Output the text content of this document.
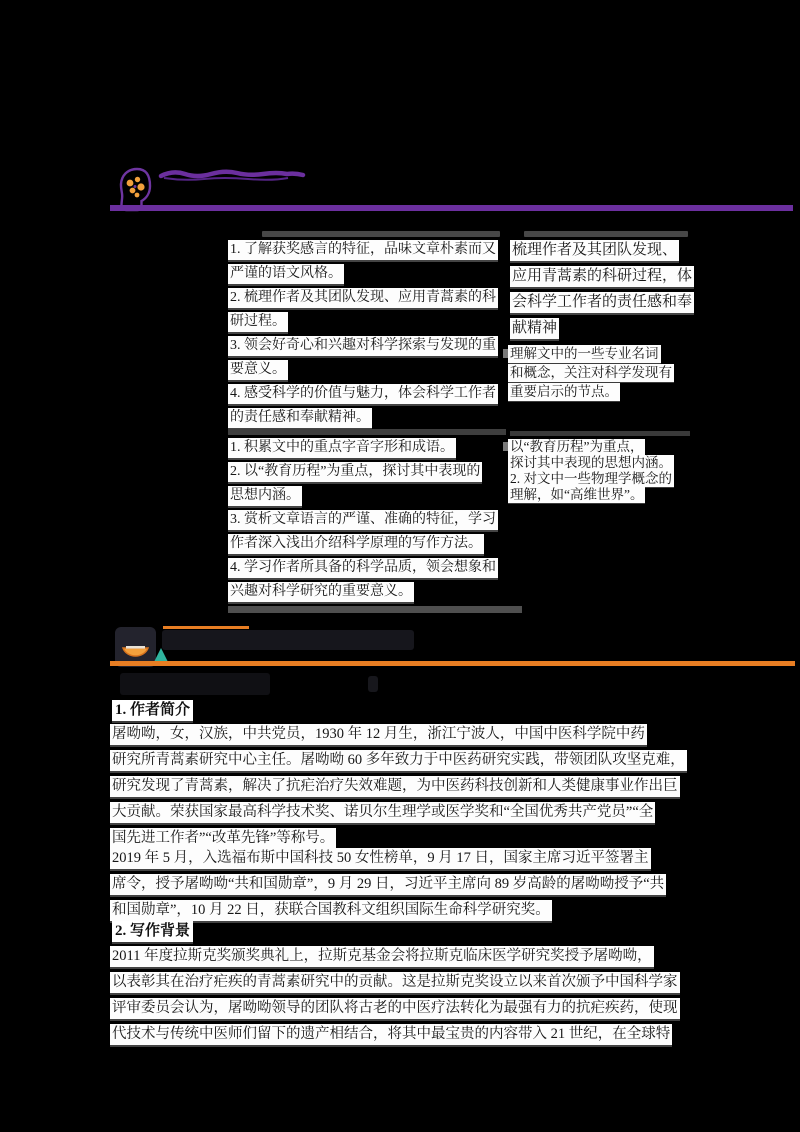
1. 了解获奖感言的特征，品味文章朴素而又
严谨的语文风格。
2. 梳理作者及其团队发现、应用青蒿素的科
研过程。
3. 领会好奇心和兴趣对科学探索与发现的重
要意义。
4. 感受科学的价值与魅力，体会科学工作者
的责任感和奉献精神。
梳理作者及其团队发现、
应用青蒿素的科研过程，体
会科学工作者的责任感和奉
献精神
理解文中的一些专业名词
和概念，关注对科学发现有
重要启示的节点。
1. 积累文中的重点字音字形和成语。
2. 以“教育历程”为重点，探讨其中表现的
思想内涵。
3. 赏析文章语言的严谨、准确的特征，学习
作者深入浅出介绍科学原理的写作方法。
4. 学习作者所具备的科学品质，领会想象和
兴趣对科学研究的重要意义。
以“教育历程”为重点，
探讨其中表现的思想内涵。
2. 对文中一些物理学概念的
理解，如“高维世界”。
1. 作者简介
屠呦呦，女，汉族，中共党员，1930 年 12 月生，浙江宁波人，中国中医科学院中药
研究所青蒿素研究中心主任。屠呦呦 60 多年致力于中医药研究实践，带领团队攻坚克难，
研究发现了青蒿素，解决了抗疟治疗失效难题，为中医药科技创新和人类健康事业作出巨
大贡献。荣获国家最高科学技术奖、诺贝尔生理学或医学奖和“全国优秀共产党员”“全
国先进工作者”“改革先锋”等称号。
2019 年 5 月，入选福布斯中国科技 50 女性榜单，9 月 17 日，国家主席习近平签署主
席令，授予屠呦呦“共和国勋章”，9 月 29 日，习近平主席向 89 岁高龄的屠呦呦授予“共
和国勋章”，10 月 22 日，获联合国教科文组织国际生命科学研究奖。
2. 写作背景
2011 年度拉斯克奖颁奖典礼上，拉斯克基金会将拉斯克临床医学研究奖授予屠呦呦，
以表彰其在治疗疟疾的青蒿素研究中的贡献。这是拉斯克奖设立以来首次颁予中国科学家
评审委员会认为，屠呦呦领导的团队将古老的中医疗法转化为最强有力的抗疟疾药，使现
代技术与传统中医师们留下的遗产相结合，将其中最宝贵的内容带入 21 世纪，在全球特
